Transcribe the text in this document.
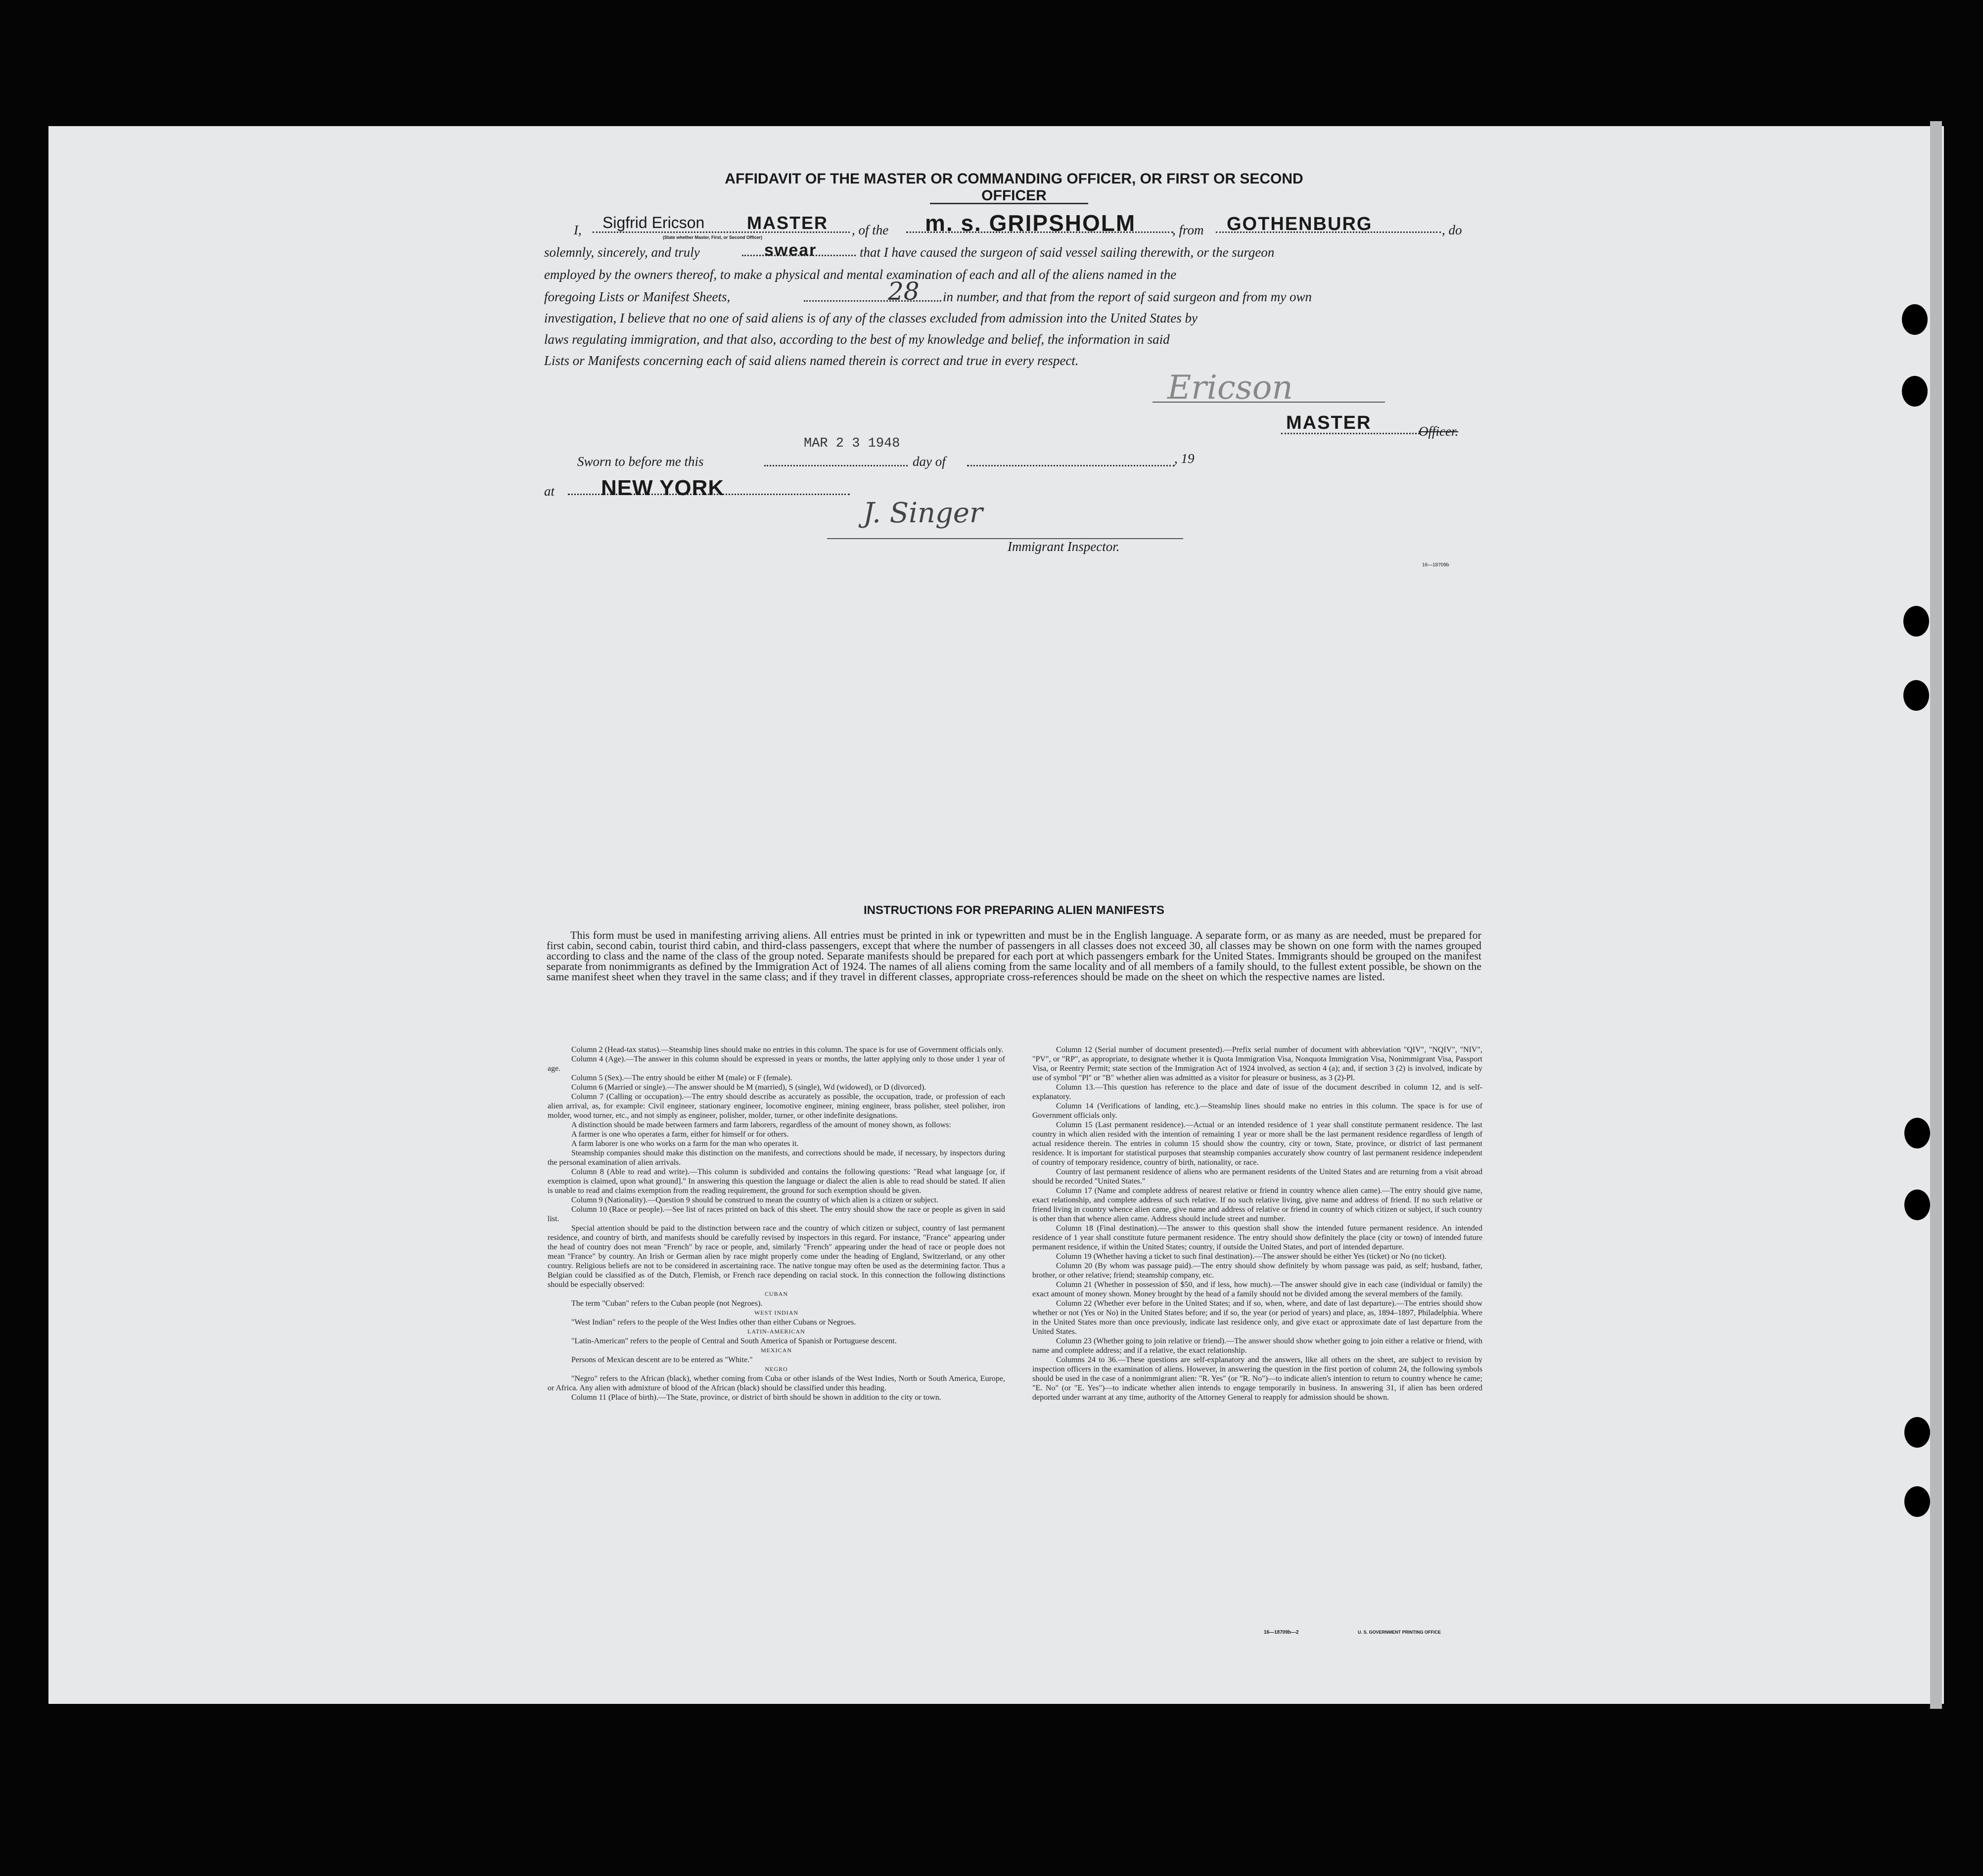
AFFIDAVIT OF THE MASTER OR COMMANDING OFFICER, OR FIRST OR SECOND OFFICER
I, Sigfrid Ericson MASTER
(State whether Master, First, or Second Officer)	, of the m. s. GRIPSHOLM	, from GOTHENBURG	, do
solemnly, sincerely, and truly	swear	that I have caused the surgeon of said vessel sailing therewith, or the surgeon
employed by the owners thereof, to make a physical and mental examination of each and all of the aliens named in the
foregoing Lists or Manifest Sheets,	28 in number, and that from the report of said surgeon and from my own
investigation, I believe that no one of said aliens is of any of the classes excluded from admission into the United States by
laws regulating immigration, and that also, according to the best of my knowledge and belief, the information in said
Lists or Manifests concerning each of said aliens named therein is correct and true in every respect.
Ericson
MASTER	Officer.
Sworn to before me this
MAR 2 3 1948
day of	, 19
at NEW YORK
J. Singer
Immigrant Inspector.
16—18709b
INSTRUCTIONS FOR PREPARING ALIEN MANIFESTS

This form must be used in manifesting arriving aliens. All entries must be printed in ink or typewritten and must be in the English language. A separate form, or as many as are needed, must be prepared for first cabin, second cabin, tourist third cabin, and third-class passengers, except that where the number of passengers in all classes does not exceed 30, all classes may be shown on one form with the names grouped according to class and the name of the class of the group noted. Separate manifests should be prepared for each port at which passengers embark for the United States. Immigrants should be grouped on the manifest separate from nonimmigrants as defined by the Immigration Act of 1924. The names of all aliens coming from the same locality and of all members of a family should, to the fullest extent possible, be shown on the same manifest sheet when they travel in the same class; and if they travel in different classes, appropriate cross-references should be made on the sheet on which the respective names are listed.

Column 2 (Head-tax status).—Steamship lines should make no entries in this column. The space is for use of Government officials only.

Column 4 (Age).—The answer in this column should be expressed in years or months, the latter applying only to those under 1 year of age.

Column 5 (Sex).—The entry should be either M (male) or F (female).

Column 6 (Married or single).—The answer should be M (married), S (single), Wd (widowed), or D (divorced).

Column 7 (Calling or occupation).—The entry should describe as accurately as possible, the occupation, trade, or profession of each alien arrival, as, for example: Civil engineer, stationary engineer, locomotive engineer, mining engineer, brass polisher, steel polisher, iron molder, wood turner, etc., and not simply as engineer, polisher, molder, turner, or other indefinite designations.

A distinction should be made between farmers and farm laborers, regardless of the amount of money shown, as follows:

A farmer is one who operates a farm, either for himself or for others.

A farm laborer is one who works on a farm for the man who operates it.

Steamship companies should make this distinction on the manifests, and corrections should be made, if necessary, by inspectors during the personal examination of alien arrivals.

Column 8 (Able to read and write).—This column is subdivided and contains the following questions: "Read what language [or, if exemption is claimed, upon what ground]." In answering this question the language or dialect the alien is able to read should be stated. If alien is unable to read and claims exemption from the reading requirement, the ground for such exemption should be given.

Column 9 (Nationality).—Question 9 should be construed to mean the country of which alien is a citizen or subject.

Column 10 (Race or people).—See list of races printed on back of this sheet. The entry should show the race or people as given in said list.

Special attention should be paid to the distinction between race and the country of which citizen or subject, country of last permanent residence, and country of birth, and manifests should be carefully revised by inspectors in this regard. For instance, "France" appearing under the head of country does not mean "French" by race or people, and, similarly "French" appearing under the head of race or people does not mean "France" by country. An Irish or German alien by race might properly come under the heading of England, Switzerland, or any other country. Religious beliefs are not to be considered in ascertaining race. The native tongue may often be used as the determining factor. Thus a Belgian could be classified as of the Dutch, Flemish, or French race depending on racial stock. In this connection the following distinctions should be especially observed:

CUBAN

The term "Cuban" refers to the Cuban people (not Negroes).

WEST INDIAN

"West Indian" refers to the people of the West Indies other than either Cubans or Negroes.

LATIN-AMERICAN

"Latin-American" refers to the people of Central and South America of Spanish or Portuguese descent.

MEXICAN

Persons of Mexican descent are to be entered as "White."

NEGRO

"Negro" refers to the African (black), whether coming from Cuba or other islands of the West Indies, North or South America, Europe, or Africa. Any alien with admixture of blood of the African (black) should be classified under this heading.

Column 11 (Place of birth).—The State, province, or district of birth should be shown in addition to the city or town.

Column 12 (Serial number of document presented).—Prefix serial number of document with abbreviation "QIV", "NQIV", "NIV", "PV", or "RP", as appropriate, to designate whether it is Quota Immigration Visa, Nonquota Immigration Visa, Nonimmigrant Visa, Passport Visa, or Reentry Permit; state section of the Immigration Act of 1924 involved, as section 4 (a); and, if section 3 (2) is involved, indicate by use of symbol "Pl" or "B" whether alien was admitted as a visitor for pleasure or business, as 3 (2)-Pl.

Column 13.—This question has reference to the place and date of issue of the document described in column 12, and is self-explanatory.

Column 14 (Verifications of landing, etc.).—Steamship lines should make no entries in this column. The space is for use of Government officials only.

Column 15 (Last permanent residence).—Actual or an intended residence of 1 year shall constitute permanent residence. The last country in which alien resided with the intention of remaining 1 year or more shall be the last permanent residence regardless of length of actual residence therein. The entries in column 15 should show the country, city or town, State, province, or district of last permanent residence. It is important for statistical purposes that steamship companies accurately show country of last permanent residence independent of country of temporary residence, country of birth, nationality, or race.

Country of last permanent residence of aliens who are permanent residents of the United States and are returning from a visit abroad should be recorded "United States."

Column 17 (Name and complete address of nearest relative or friend in country whence alien came).—The entry should give name, exact relationship, and complete address of such relative. If no such relative living, give name and address of friend. If no such relative or friend living in country whence alien came, give name and address of relative or friend in country of which citizen or subject, if such country is other than that whence alien came. Address should include street and number.

Column 18 (Final destination).—The answer to this question shall show the intended future permanent residence. An intended residence of 1 year shall constitute future permanent residence. The entry should show definitely the place (city or town) of intended future permanent residence, if within the United States; country, if outside the United States, and port of intended departure.

Column 19 (Whether having a ticket to such final destination).—The answer should be either Yes (ticket) or No (no ticket).

Column 20 (By whom was passage paid).—The entry should show definitely by whom passage was paid, as self; husband, father, brother, or other relative; friend; steamship company, etc.

Column 21 (Whether in possession of $50, and if less, how much).—The answer should give in each case (individual or family) the exact amount of money shown. Money brought by the head of a family should not be divided among the several members of the family.

Column 22 (Whether ever before in the United States; and if so, when, where, and date of last departure).—The entries should show whether or not (Yes or No) in the United States before; and if so, the year (or period of years) and place, as, 1894–1897, Philadelphia. Where in the United States more than once previously, indicate last residence only, and give exact or approximate date of last departure from the United States.

Column 23 (Whether going to join relative or friend).—The answer should show whether going to join either a relative or friend, with name and complete address; and if a relative, the exact relationship.

Columns 24 to 36.—These questions are self-explanatory and the answers, like all others on the sheet, are subject to revision by inspection officers in the examination of aliens. However, in answering the question in the first portion of column 24, the following symbols should be used in the case of a nonimmigrant alien: "R. Yes" (or "R. No")—to indicate alien's intention to return to country whence he came; "E. No" (or "E. Yes")—to indicate whether alien intends to engage temporarily in business. In answering 31, if alien has been ordered deported under warrant at any time, authority of the Attorney General to reapply for admission should be shown.

16—18709b—2	U. S. GOVERNMENT PRINTING OFFICE
